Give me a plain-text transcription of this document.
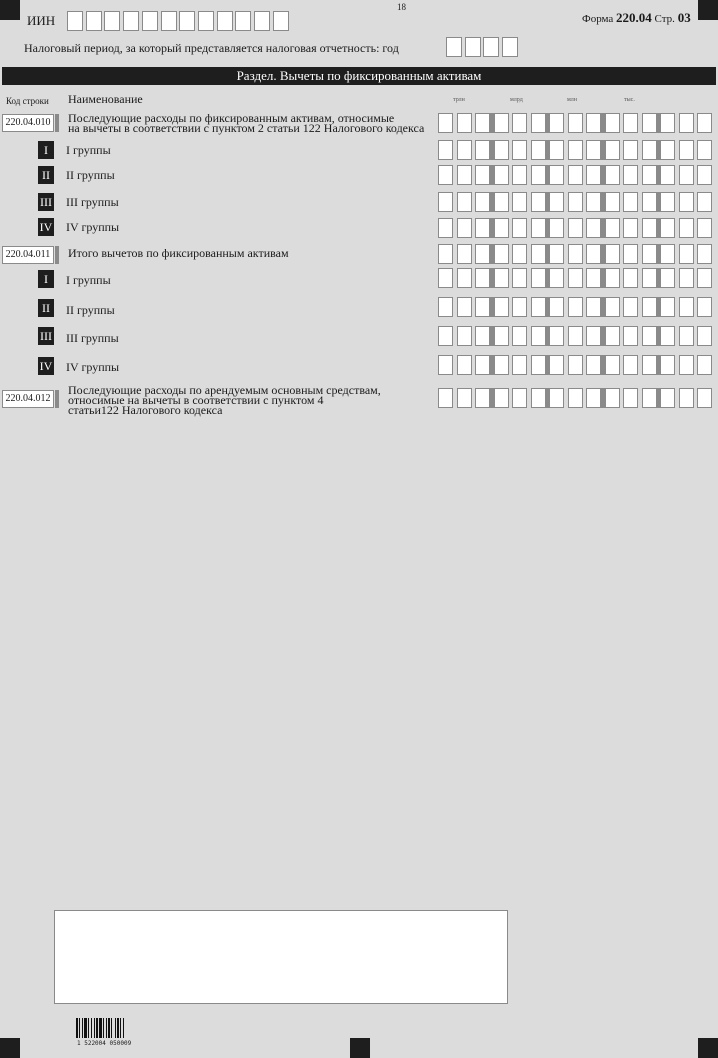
18
ИИН	Форма 220.04 Стр. 03
Налоговый период, за который представляется налоговая отчетность: год
Раздел. Вычеты по фиксированным активам
Код строки Наименование	трлн	млрд	млн	тыс.
220.04.010 Последующие расходы по фиксированным активам, относимые
на вычеты в соответствии с пунктом 2 статьи 122 Налогового кодекса
I	I группы
II	II группы
III III группы
IV IV группы
220.04.011	Итого вычетов по фиксированным активам
I	I группы
II	II группы
III III группы
IV IV группы
220.04.012
Последующие расходы по арендуемым основным средствам,
относимые на вычеты в соответствии с пунктом 4
статьи122 Налогового кодекса
1 522004 050009
